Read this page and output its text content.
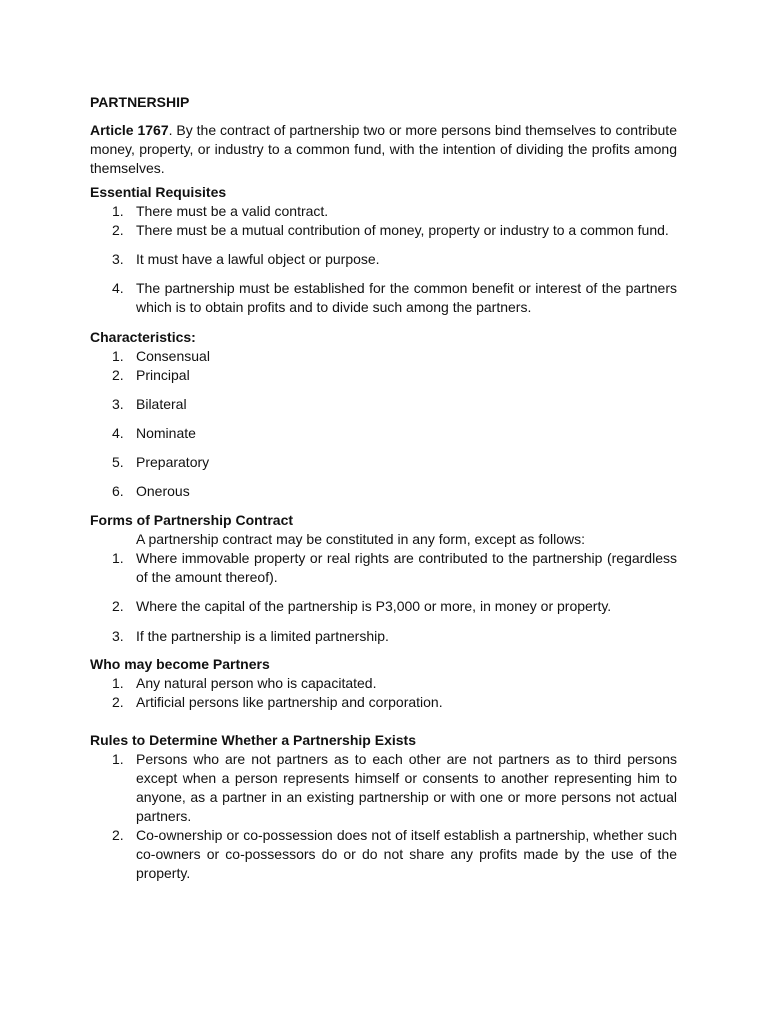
PARTNERSHIP

Article 1767. By the contract of partnership two or more persons bind themselves to contribute money, property, or industry to a common fund, with the intention of dividing the profits among themselves.

Essential Requisites
1. There must be a valid contract.
2. There must be a mutual contribution of money, property or industry to a common fund.
3. It must have a lawful object or purpose.
4. The partnership must be established for the common benefit or interest of the partners which is to obtain profits and to divide such among the partners.
Characteristics:
1. Consensual
2. Principal
3. Bilateral
4. Nominate
5. Preparatory
6. Onerous
Forms of Partnership Contract
A partnership contract may be constituted in any form, except as follows:
1. Where immovable property or real rights are contributed to the partnership (regardless of the amount thereof).
2. Where the capital of the partnership is P3,000 or more, in money or property.
3. If the partnership is a limited partnership.
Who may become Partners
1. Any natural person who is capacitated.
2. Artificial persons like partnership and corporation.
Rules to Determine Whether a Partnership Exists
1. Persons who are not partners as to each other are not partners as to third persons except when a person represents himself or consents to another representing him to anyone, as a partner in an existing partnership or with one or more persons not actual partners.
2. Co-ownership or co-possession does not of itself establish a partnership, whether such co-owners or co-possessors do or do not share any profits made by the use of the property.
